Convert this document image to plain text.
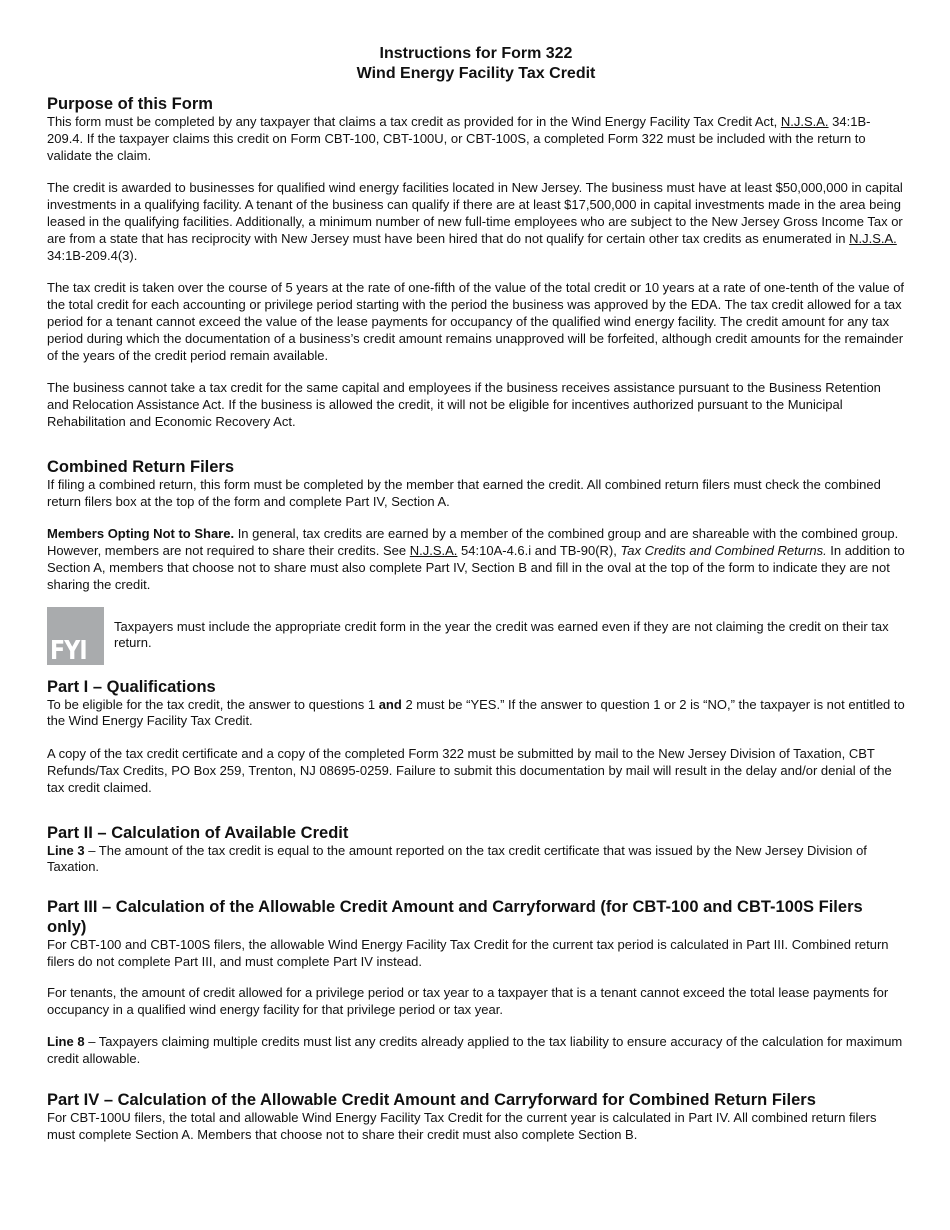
Instructions for Form 322

Wind Energy Facility Tax Credit

Purpose of this Form

This form must be completed by any taxpayer that claims a tax credit as provided for in the Wind Energy Facility Tax Credit Act, N.J.S.A. 34:1B-209.4. If the taxpayer claims this credit on Form CBT-100, CBT-100U, or CBT-100S, a completed Form 322 must be included with the return to validate the claim.

The credit is awarded to businesses for qualified wind energy facilities located in New Jersey. The business must have at least $50,000,000 in capital investments in a qualifying facility. A tenant of the business can qualify if there are at least $17,500,000 in capital investments made in the area being leased in the qualifying facilities. Additionally, a minimum number of new full-time employees who are subject to the New Jersey Gross Income Tax or are from a state that has reciprocity with New Jersey must have been hired that do not qualify for certain other tax credits as enumerated in N.J.S.A. 34:1B-209.4(3).

The tax credit is taken over the course of 5 years at the rate of one-fifth of the value of the total credit or 10 years at a rate of one-tenth of the value of the total credit for each accounting or privilege period starting with the period the business was approved by the EDA. The tax credit allowed for a tax period for a tenant cannot exceed the value of the lease payments for occupancy of the qualified wind energy facility. The credit amount for any tax period during which the documentation of a business’s credit amount remains unapproved will be forfeited, although credit amounts for the remainder of the years of the credit period remain available.

The business cannot take a tax credit for the same capital and employees if the business receives assistance pursuant to the Business Retention and Relocation Assistance Act. If the business is allowed the credit, it will not be eligible for incentives authorized pursuant to the Municipal Rehabilitation and Economic Recovery Act.

Combined Return Filers

If filing a combined return, this form must be completed by the member that earned the credit. All combined return filers must check the combined return filers box at the top of the form and complete Part IV, Section A.

Members Opting Not to Share. In general, tax credits are earned by a member of the combined group and are shareable with the combined group. However, members are not required to share their credits. See N.J.S.A. 54:10A-4.6.i and TB-90(R), Tax Credits and Combined Returns. In addition to Section A, members that choose not to share must also complete Part IV, Section B and fill in the oval at the top of the form to indicate they are not sharing the credit.

FYI

Taxpayers must include the appropriate credit form in the year the credit was earned even if they are not claiming the credit on their tax return.

Part I – Qualifications

To be eligible for the tax credit, the answer to questions 1 and 2 must be “YES.” If the answer to question 1 or 2 is “NO,” the taxpayer is not entitled to the Wind Energy Facility Tax Credit.

A copy of the tax credit certificate and a copy of the completed Form 322 must be submitted by mail to the New Jersey Division of Taxation, CBT Refunds/Tax Credits, PO Box 259, Trenton, NJ 08695-0259. Failure to submit this documentation by mail will result in the delay and/or denial of the tax credit claimed.

Part II – Calculation of Available Credit

Line 3 – The amount of the tax credit is equal to the amount reported on the tax credit certificate that was issued by the New Jersey Division of Taxation.

Part III – Calculation of the Allowable Credit Amount and Carryforward (for CBT-100 and CBT-100S Filers only)

For CBT-100 and CBT-100S filers, the allowable Wind Energy Facility Tax Credit for the current tax period is calculated in Part III. Combined return filers do not complete Part III, and must complete Part IV instead.

For tenants, the amount of credit allowed for a privilege period or tax year to a taxpayer that is a tenant cannot exceed the total lease payments for occupancy in a qualified wind energy facility for that privilege period or tax year.

Line 8 – Taxpayers claiming multiple credits must list any credits already applied to the tax liability to ensure accuracy of the calculation for maximum credit allowable.

Part IV – Calculation of the Allowable Credit Amount and Carryforward for Combined Return Filers

For CBT-100U filers, the total and allowable Wind Energy Facility Tax Credit for the current year is calculated in Part IV. All combined return filers must complete Section A. Members that choose not to share their credit must also complete Section B.
